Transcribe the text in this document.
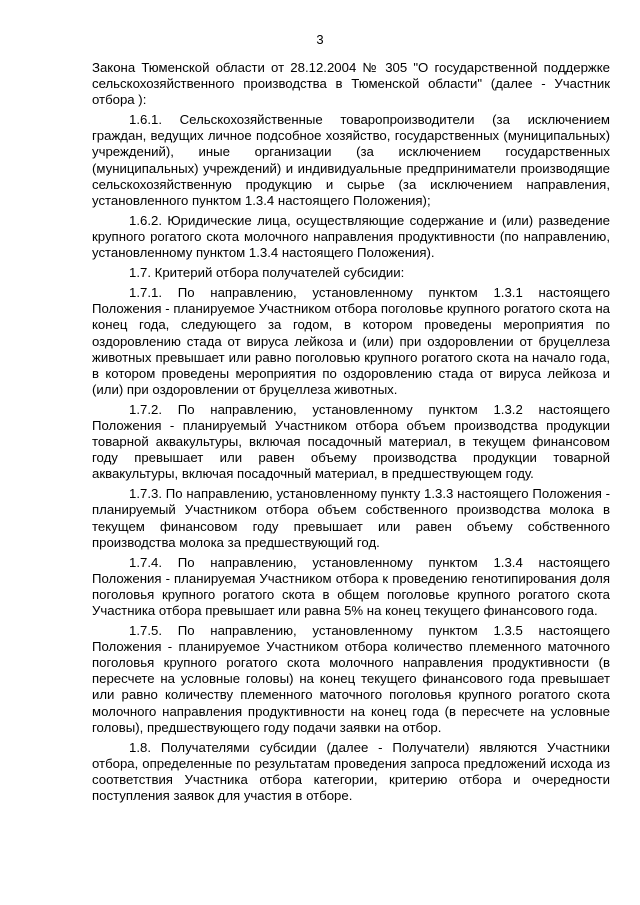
3

Закона Тюменской области от 28.12.2004 № 305 "О государственной поддержке сельскохозяйственного производства в Тюменской области" (далее - Участник отбора ):

1.6.1. Сельскохозяйственные товаропроизводители (за исключением граждан, ведущих личное подсобное хозяйство, государственных (муниципальных) учреждений), иные организации (за исключением государственных (муниципальных) учреждений) и индивидуальные предприниматели производящие сельскохозяйственную продукцию и сырье (за исключением направления, установленного пунктом 1.3.4 настоящего Положения);

1.6.2. Юридические лица, осуществляющие содержание и (или) разведение крупного рогатого скота молочного направления продуктивности (по направлению, установленному пунктом 1.3.4 настоящего Положения).

1.7. Критерий отбора получателей субсидии:

1.7.1. По направлению, установленному пунктом 1.3.1 настоящего Положения - планируемое Участником отбора поголовье крупного рогатого скота на конец года, следующего за годом, в котором проведены мероприятия по оздоровлению стада от вируса лейкоза и (или) при оздоровлении от бруцеллеза животных превышает или равно поголовью крупного рогатого скота на начало года, в котором проведены мероприятия по оздоровлению стада от вируса лейкоза и (или) при оздоровлении от бруцеллеза животных.

1.7.2. По направлению, установленному пунктом 1.3.2 настоящего Положения - планируемый Участником отбора объем производства продукции товарной аквакультуры, включая посадочный материал, в текущем финансовом году превышает или равен объему производства продукции товарной аквакультуры, включая посадочный материал, в предшествующем году.

1.7.3. По направлению, установленному пункту 1.3.3 настоящего Положения - планируемый Участником отбора объем собственного производства молока в текущем финансовом году превышает или равен объему собственного производства молока за предшествующий год.

1.7.4. По направлению, установленному пунктом 1.3.4 настоящего Положения - планируемая Участником отбора к проведению генотипирования доля поголовья крупного рогатого скота в общем поголовье крупного рогатого скота Участника отбора превышает или равна 5% на конец текущего финансового года.

1.7.5. По направлению, установленному пунктом 1.3.5 настоящего Положения - планируемое Участником отбора количество племенного маточного поголовья крупного рогатого скота молочного направления продуктивности (в пересчете на условные головы) на конец текущего финансового года превышает или равно количеству племенного маточного поголовья крупного рогатого скота молочного направления продуктивности на конец года (в пересчете на условные головы), предшествующего году подачи заявки на отбор.

1.8. Получателями субсидии (далее - Получатели) являются Участники отбора, определенные по результатам проведения запроса предложений исхода из соответствия Участника отбора категории, критерию отбора и очередности поступления заявок для участия в отборе.
